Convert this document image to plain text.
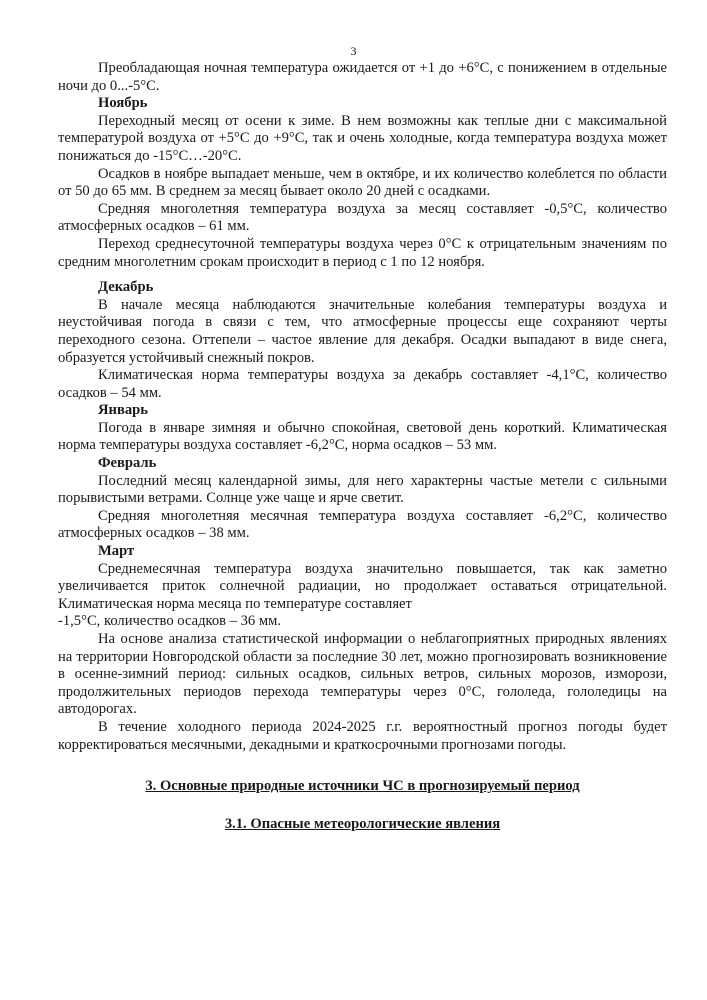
3

Преобладающая ночная температура ожидается от +1 до +6°С, с понижением в отдельные ночи до 0...-5°С.

Ноябрь

Переходный месяц от осени к зиме. В нем возможны как теплые дни с максимальной температурой воздуха от +5°С до +9°С, так и очень холодные, когда температура воздуха может понижаться до -15°С…-20°С.

Осадков в ноябре выпадает меньше, чем в октябре, и их количество колеблется по области от 50 до 65 мм. В среднем за месяц бывает около 20 дней с осадками.

Средняя многолетняя температура воздуха за месяц составляет -0,5°С, количество атмосферных осадков – 61 мм.

Переход среднесуточной температуры воздуха через 0°С к отрицательным значениям по средним многолетним срокам происходит в период с 1 по 12 ноября.

Декабрь

В начале месяца наблюдаются значительные колебания температуры воздуха и неустойчивая погода в связи с тем, что атмосферные процессы еще сохраняют черты переходного сезона. Оттепели – частое явление для декабря. Осадки выпадают в виде снега, образуется устойчивый снежный покров.

Климатическая норма температуры воздуха за декабрь составляет -4,1°С, количество осадков – 54 мм.

Январь

Погода в январе зимняя и обычно спокойная, световой день короткий. Климатическая норма температуры воздуха составляет -6,2°С, норма осадков – 53 мм.

Февраль

Последний месяц календарной зимы, для него характерны частые метели с сильными порывистыми ветрами. Солнце уже чаще и ярче светит.

Средняя многолетняя месячная температура воздуха составляет -6,2°С, количество атмосферных осадков – 38 мм.

Март

Среднемесячная температура воздуха значительно повышается, так как заметно увеличивается приток солнечной радиации, но продолжает оставаться отрицательной. Климатическая норма месяца по температуре составляет

-1,5°С, количество осадков – 36 мм.

На основе анализа статистической информации о неблагоприятных природных явлениях на территории Новгородской области за последние 30 лет, можно прогнозировать возникновение в осенне-зимний период: сильных осадков, сильных ветров, сильных морозов, изморози, продолжительных периодов перехода температуры через 0°С, гололеда, гололедицы на автодорогах.

В течение холодного периода 2024-2025 г.г. вероятностный прогноз погоды будет корректироваться месячными, декадными и краткосрочными прогнозами погоды.

3. Основные природные источники ЧС в прогнозируемый период
3.1. Опасные метеорологические явления
